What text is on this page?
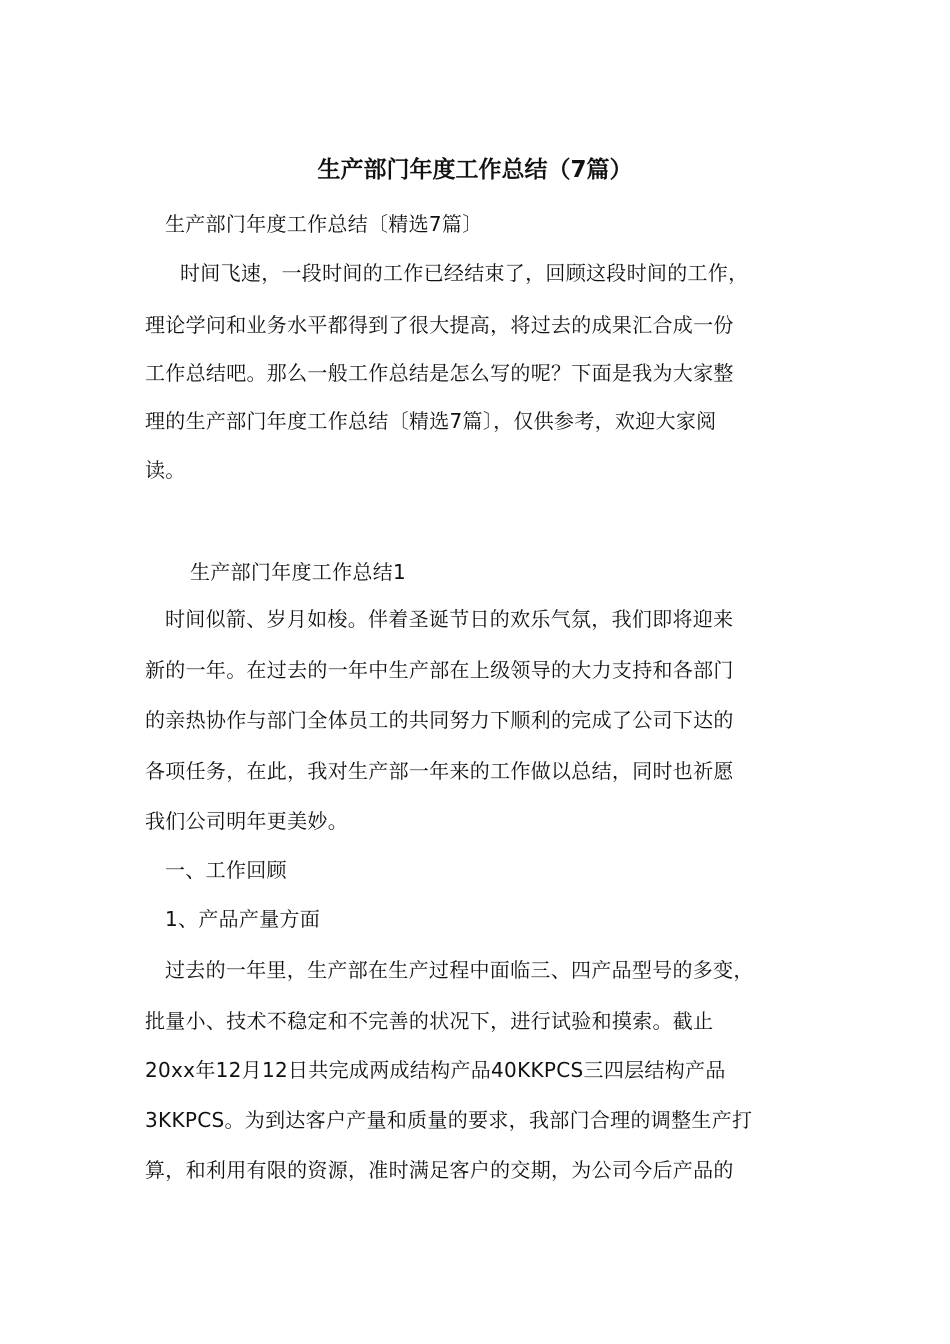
生产部门年度工作总结（7篇）
生产部门年度工作总结〔精选7篇〕
时间飞速，一段时间的工作已经结束了，回顾这段时间的工作，
理论学问和业务水平都得到了很大提高，将过去的成果汇合成一份
工作总结吧。那么一般工作总结是怎么写的呢？下面是我为大家整
理的生产部门年度工作总结〔精选7篇〕，仅供参考，欢迎大家阅
读。
生产部门年度工作总结1
时间似箭、岁月如梭。伴着圣诞节日的欢乐气氛，我们即将迎来
新的一年。在过去的一年中生产部在上级领导的大力支持和各部门
的亲热协作与部门全体员工的共同努力下顺利的完成了公司下达的
各项任务，在此，我对生产部一年来的工作做以总结，同时也祈愿
我们公司明年更美妙。
一、工作回顾
1、产品产量方面
过去的一年里，生产部在生产过程中面临三、四产品型号的多变，
批量小、技术不稳定和不完善的状况下，进行试验和摸索。截止
20xx年12月12日共完成两成结构产品40KKPCS三四层结构产品
3KKPCS。为到达客户产量和质量的要求，我部门合理的调整生产打
算，和利用有限的资源，准时满足客户的交期，为公司今后产品的
